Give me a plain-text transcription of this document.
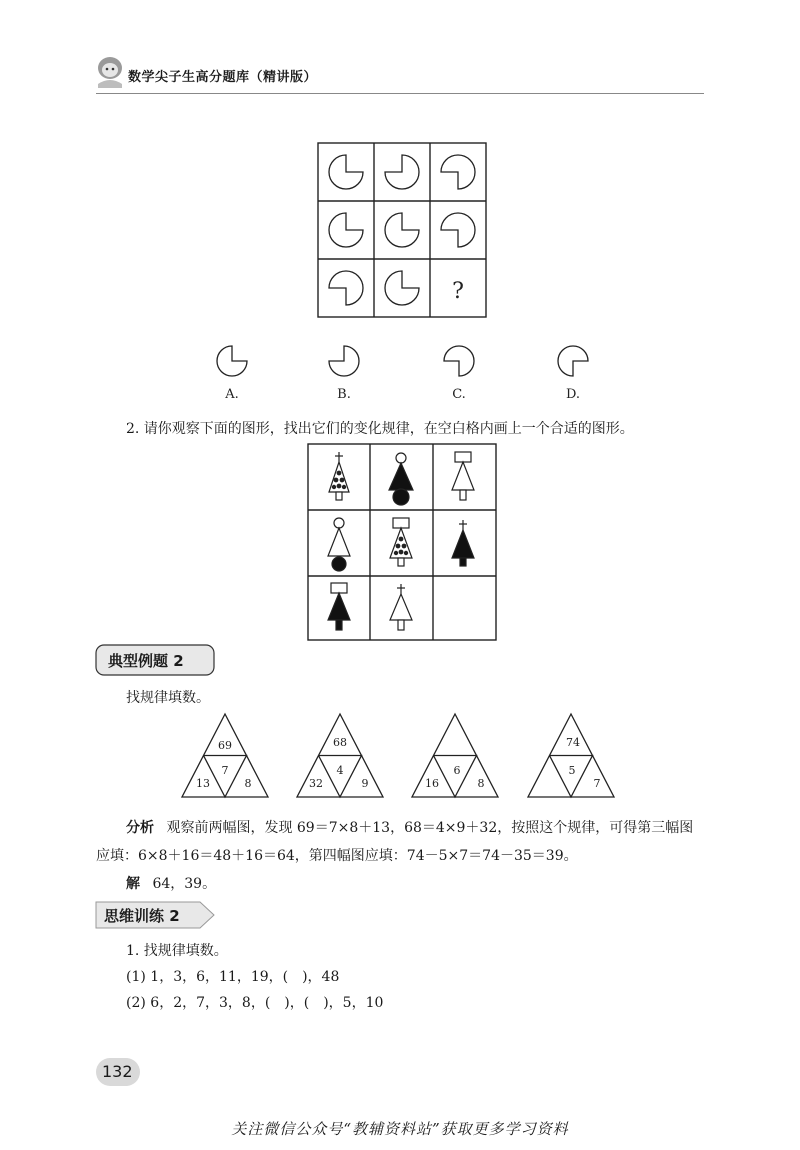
数学尖子生高分题库（精讲版）
?
A.	B.	C.	D.
69
7
13	8
68
4
32	9
6
16	8
74
5
7
2. 请你观察下面的图形，找出它们的变化规律，在空白格内画上一个合适的图形。
典型例题 2
找规律填数。
分析 观察前两幅图，发现 69＝7×8＋13，68＝4×9＋32，按照这个规律，可得第三幅图
应填：6×8＋16＝48＋16＝64，第四幅图应填：74－5×7＝74－35＝39。
解 64，39。
思维训练 2
1. 找规律填数。
(1) 1，3，6，11，19，(　)，48
(2) 6，2，7，3，8，(　)，(　)，5，10
132
关注微信公众号“教辅资料站”获取更多学习资料
